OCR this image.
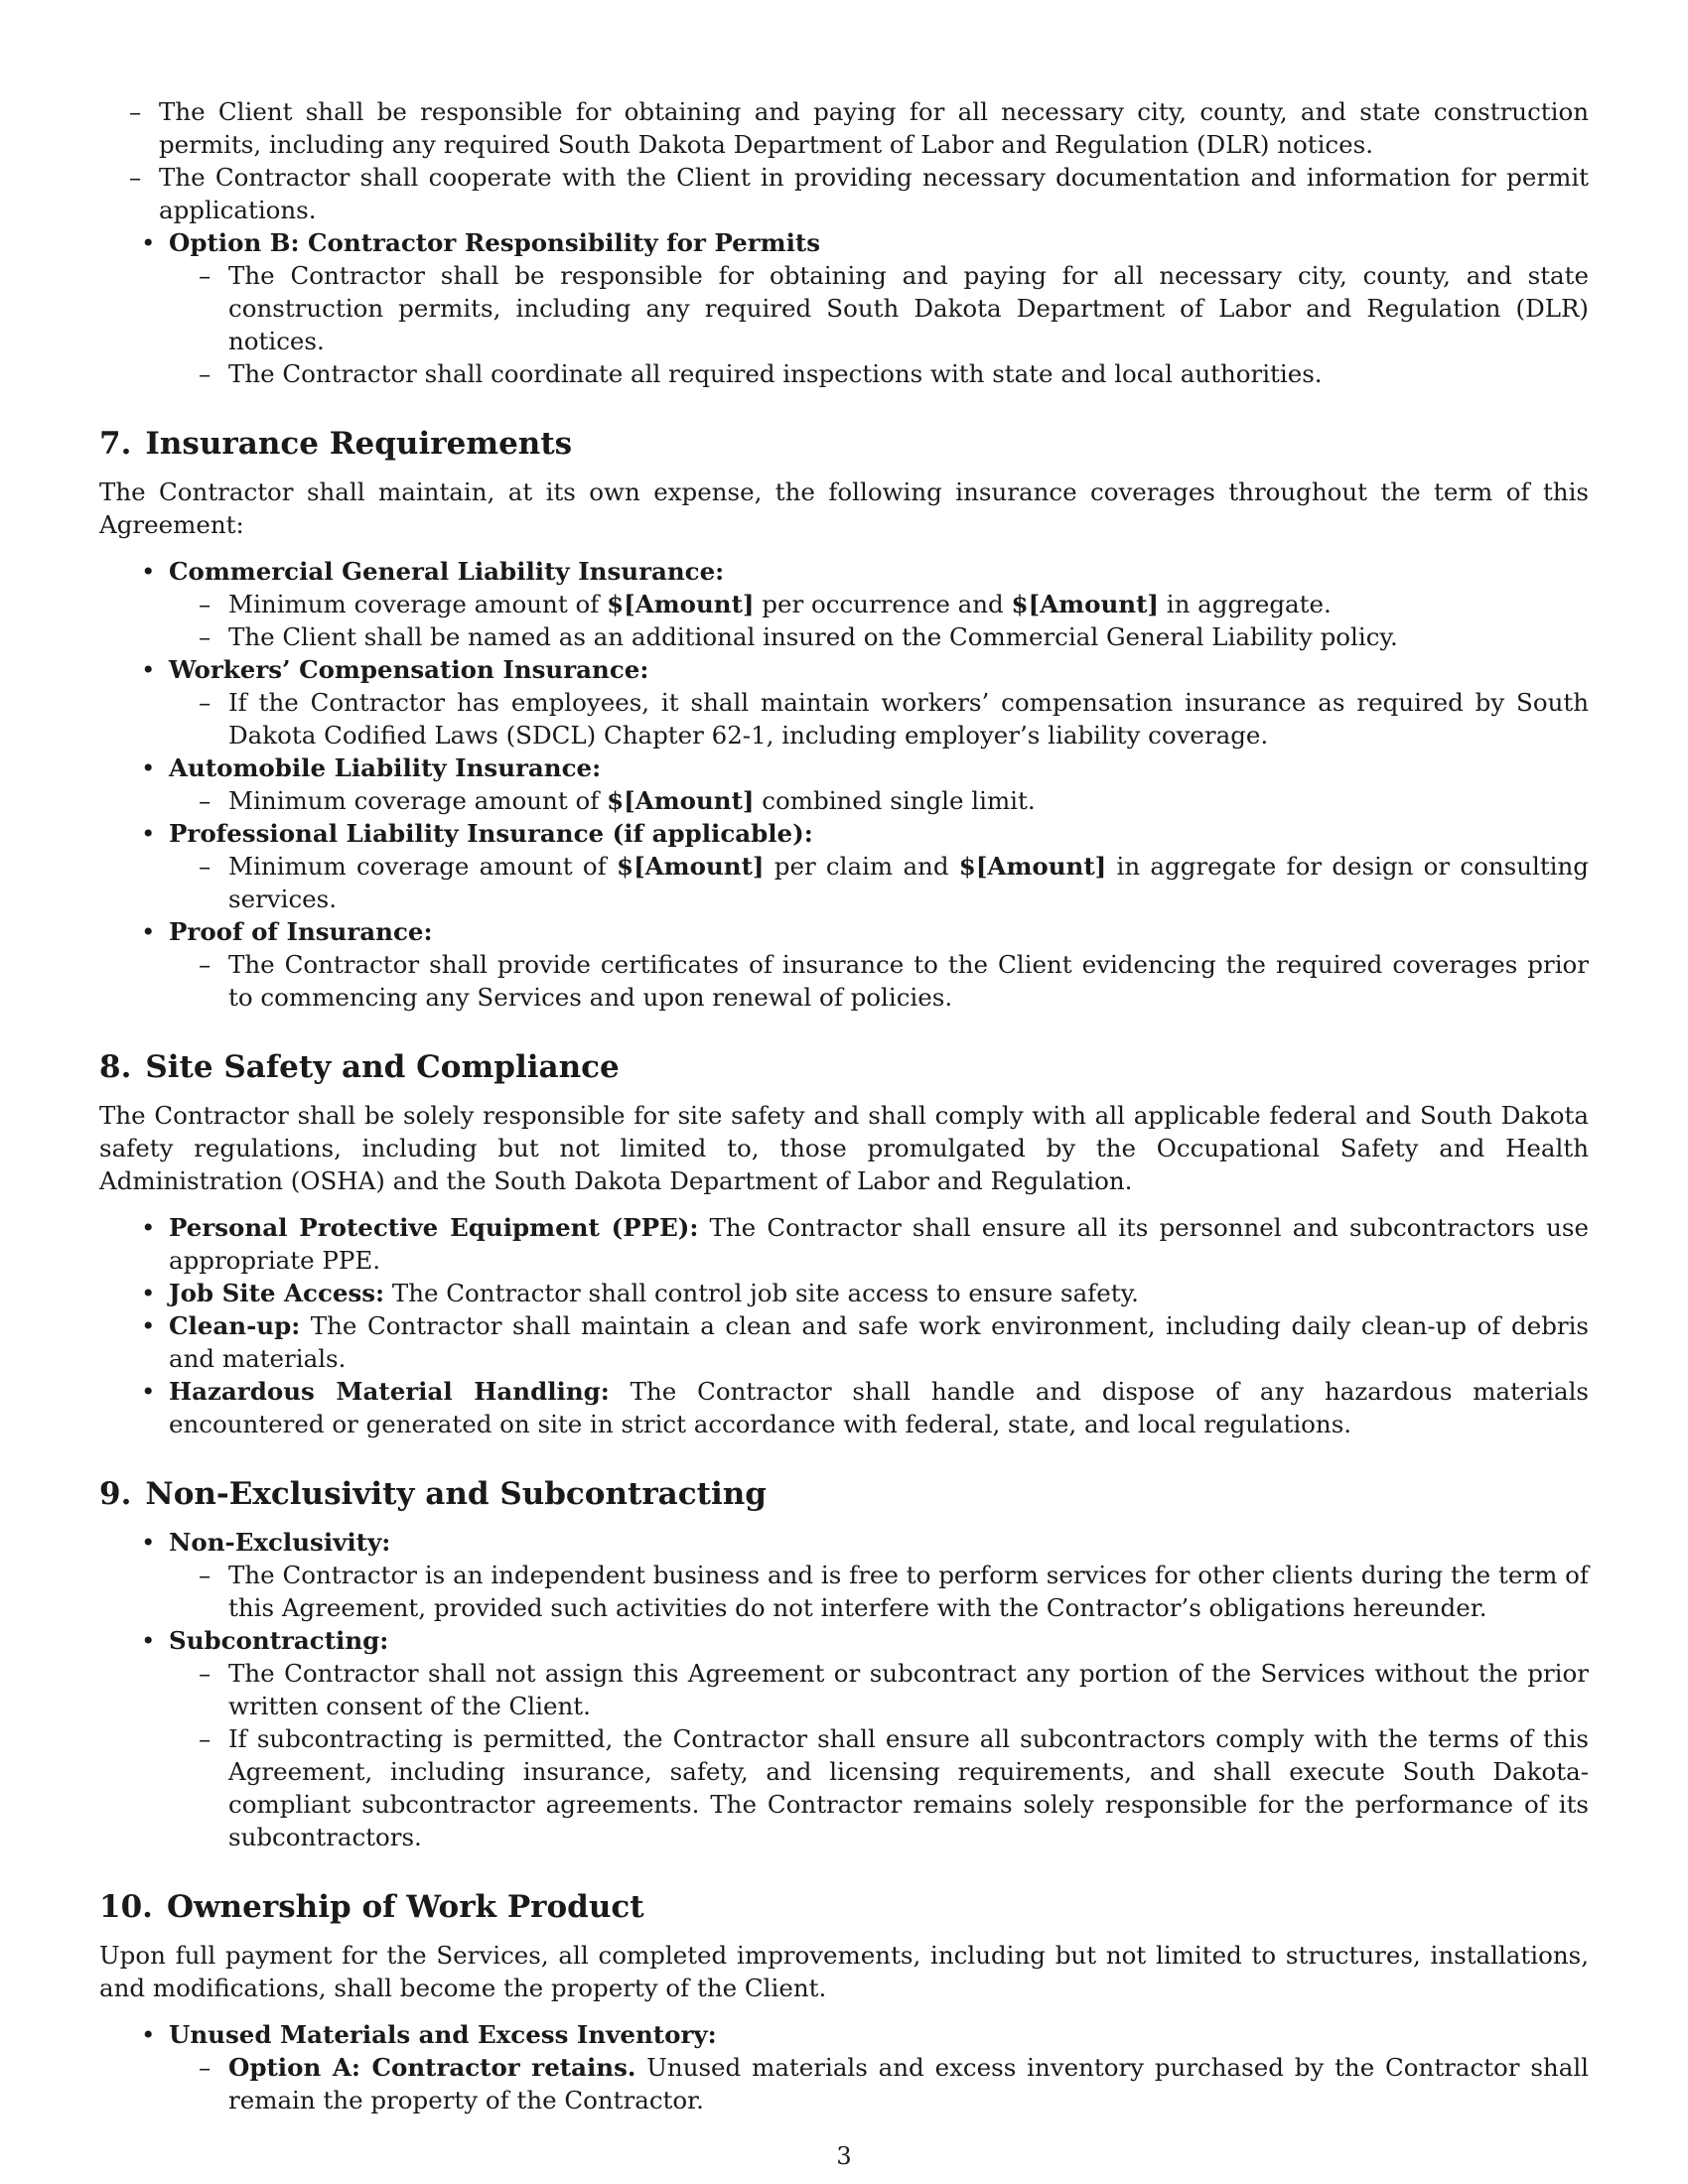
– The Client shall be responsible for obtaining and paying for all necessary city, county, and state construction permits, including any required South Dakota Department of Labor and Regulation (DLR) notices.
– The Contractor shall cooperate with the Client in providing necessary documentation and information for permit applications.
• Option B: Contractor Responsibility for Permits
– The Contractor shall be responsible for obtaining and paying for all necessary city, county, and state construction permits, including any required South Dakota Department of Labor and Regulation (DLR) notices.
– The Contractor shall coordinate all required inspections with state and local authorities.
7. Insurance Requirements

The Contractor shall maintain, at its own expense, the following insurance coverages throughout the term of this Agreement:

• Commercial General Liability Insurance:
– Minimum coverage amount of $[Amount] per occurrence and $[Amount] in aggregate.
– The Client shall be named as an additional insured on the Commercial General Liability policy.
• Workers’ Compensation Insurance:
– If the Contractor has employees, it shall maintain workers’ compensation insurance as required by South Dakota Codified Laws (SDCL) Chapter 62-1, including employer’s liability coverage.
• Automobile Liability Insurance:
– Minimum coverage amount of $[Amount] combined single limit.
• Professional Liability Insurance (if applicable):
– Minimum coverage amount of $[Amount] per claim and $[Amount] in aggregate for design or consulting services.
• Proof of Insurance:
– The Contractor shall provide certificates of insurance to the Client evidencing the required coverages prior to commencing any Services and upon renewal of policies.
8. Site Safety and Compliance

The Contractor shall be solely responsible for site safety and shall comply with all applicable federal and South Dakota safety regulations, including but not limited to, those promulgated by the Occupational Safety and Health Administration (OSHA) and the South Dakota Department of Labor and Regulation.

• Personal Protective Equipment (PPE): The Contractor shall ensure all its personnel and subcontractors use appropriate PPE.
• Job Site Access: The Contractor shall control job site access to ensure safety.
• Clean-up: The Contractor shall maintain a clean and safe work environment, including daily clean-up of debris and materials.
• Hazardous Material Handling: The Contractor shall handle and dispose of any hazardous materials encountered or generated on site in strict accordance with federal, state, and local regulations.
9. Non-Exclusivity and Subcontracting
• Non-Exclusivity:
– The Contractor is an independent business and is free to perform services for other clients during the term of this Agreement, provided such activities do not interfere with the Contractor’s obligations hereunder.
• Subcontracting:
– The Contractor shall not assign this Agreement or subcontract any portion of the Services without the prior written consent of the Client.
– If subcontracting is permitted, the Contractor shall ensure all subcontractors comply with the terms of this Agreement, including insurance, safety, and licensing requirements, and shall execute South Dakota-compliant subcontractor agreements. The Contractor remains solely responsible for the performance of its subcontractors.
10. Ownership of Work Product

Upon full payment for the Services, all completed improvements, including but not limited to structures, installations, and modifications, shall become the property of the Client.

• Unused Materials and Excess Inventory:
– Option A: Contractor retains. Unused materials and excess inventory purchased by the Contractor shall remain the property of the Contractor.
3
